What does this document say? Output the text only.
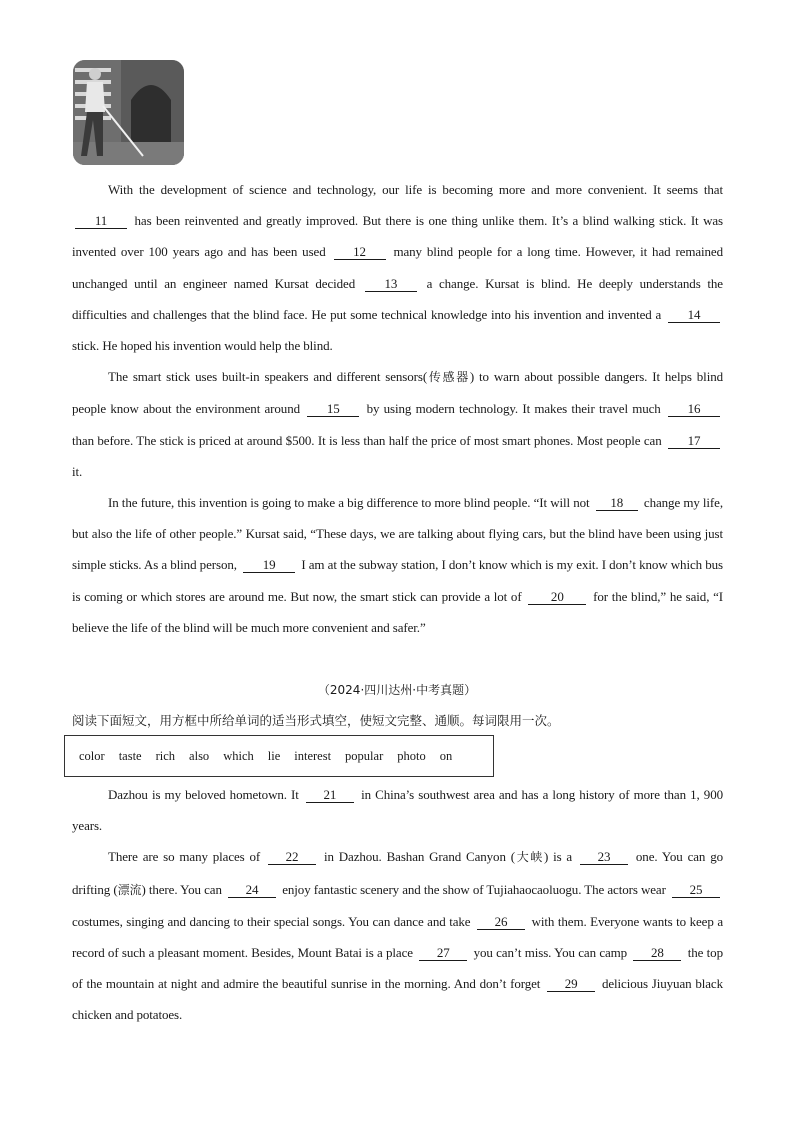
With the development of science and technology, our life is becoming more and more convenient. It seems that 11 has been reinvented and greatly improved. But there is one thing unlike them. It’s a blind walking stick. It was invented over 100 years ago and has been used 12 many blind people for a long time. However, it had remained unchanged until an engineer named Kursat decided 13 a change. Kursat is blind. He deeply understands the difficulties and challenges that the blind face. He put some technical knowledge into his invention and invented a 14 stick. He hoped his invention would help the blind.

The smart stick uses built-in speakers and different sensors(传感器) to warn about possible dangers. It helps blind people know about the environment around 15 by using modern technology. It makes their travel much 16 than before. The stick is priced at around $500. It is less than half the price of most smart phones. Most people can 17 it.

In the future, this invention is going to make a big difference to more blind people. “It will not 18 change my life, but also the life of other people.” Kursat said, “These days, we are talking about flying cars, but the blind have been using just simple sticks. As a blind person, 19 I am at the subway station, I don’t know which is my exit. I don’t know which bus is coming or which stores are around me. But now, the smart stick can provide a lot of 20 for the blind,” he said, “I believe the life of the blind will be much more convenient and safer.”

（2024·四川达州·中考真题）
阅读下面短文，用方框中所给单词的适当形式填空，使短文完整、通顺。每词限用一次。
color taste rich also which lie interest popular photo on

Dazhou is my beloved hometown. It 21 in China’s southwest area and has a long history of more than 1, 900 years.

There are so many places of 22 in Dazhou. Bashan Grand Canyon (大峡) is a 23 one. You can go drifting (漂流) there. You can 24 enjoy fantastic scenery and the show of Tujiahaocaoluogu. The actors wear 25 costumes, singing and dancing to their special songs. You can dance and take 26 with them. Everyone wants to keep a record of such a pleasant moment. Besides, Mount Batai is a place 27 you can’t miss. You can camp 28 the top of the mountain at night and admire the beautiful sunrise in the morning. And don’t forget 29 delicious Jiuyuan black chicken and potatoes.
